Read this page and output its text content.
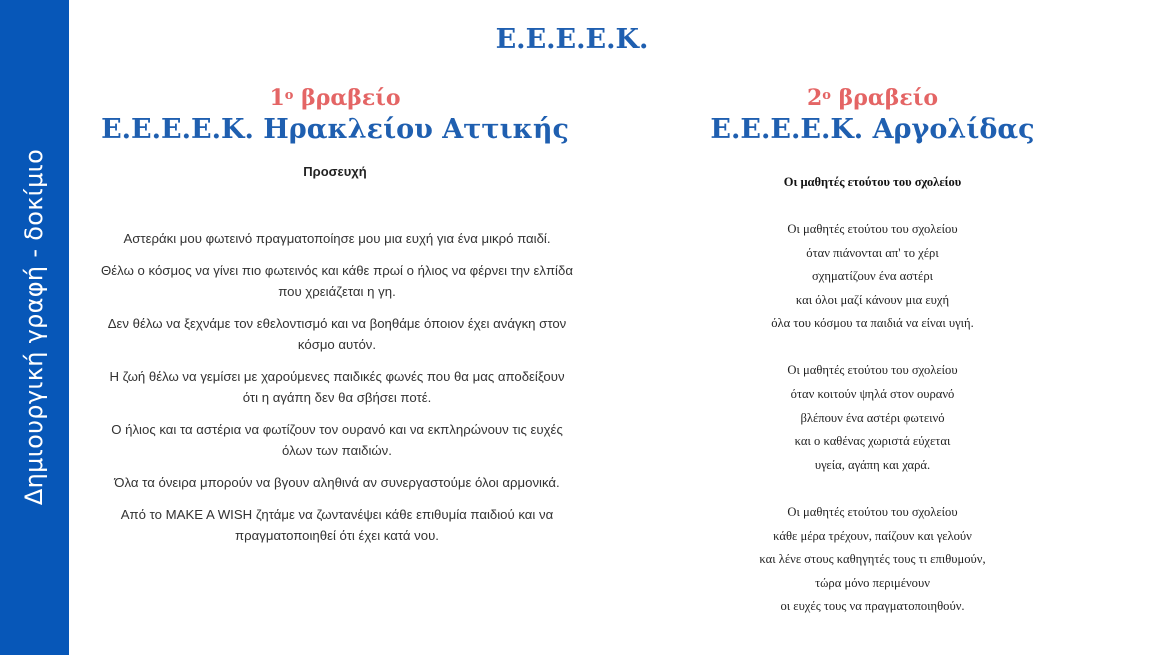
Δημιουργική γραφή - δοκίμιο
Ε.Ε.Ε.Ε.Κ.
$1^o$ βραβείο
Ε.Ε.Ε.Ε.Κ. Ηρακλείου Αττικής
Προσευχή

Αστεράκι μου φωτεινό πραγματοποίησε μου μια ευχή για ένα μικρό παιδί.

Θέλω ο κόσμος να γίνει πιο φωτεινός και κάθε πρωί ο ήλιος να φέρνει την ελπίδα που χρειάζεται η γη.

Δεν θέλω να ξεχνάμε τον εθελοντισμό και να βοηθάμε όποιον έχει ανάγκη στον κόσμο αυτόν.

Η ζωή θέλω να γεμίσει με χαρούμενες παιδικές φωνές που θα μας αποδείξουν ότι η αγάπη δεν θα σβήσει ποτέ.

Ο ήλιος και τα αστέρια να φωτίζουν τον ουρανό και να εκπληρώνουν τις ευχές όλων των παιδιών.

Όλα τα όνειρα μπορούν να βγουν αληθινά αν συνεργαστούμε όλοι αρμονικά.

Από το MAKE A WISH ζητάμε να ζωντανέψει κάθε επιθυμία παιδιού και να πραγματοποιηθεί ότι έχει κατά νου.

$2^o$ βραβείο
Ε.Ε.Ε.Ε.Κ. Αργολίδας
Οι μαθητές ετούτου του σχολείου
Οι μαθητές ετούτου του σχολείου
όταν πιάνονται απ' το χέρι
σχηματίζουν ένα αστέρι
και όλοι μαζί κάνουν μια ευχή
όλα του κόσμου τα παιδιά να είναι υγιή.
Οι μαθητές ετούτου του σχολείου
όταν κοιτούν ψηλά στον ουρανό
βλέπουν ένα αστέρι φωτεινό
και ο καθένας χωριστά εύχεται
υγεία, αγάπη και χαρά.
Οι μαθητές ετούτου του σχολείου
κάθε μέρα τρέχουν, παίζουν και γελούν
και λένε στους καθηγητές τους τι επιθυμούν,
τώρα μόνο περιμένουν
οι ευχές τους να πραγματοποιηθούν.
